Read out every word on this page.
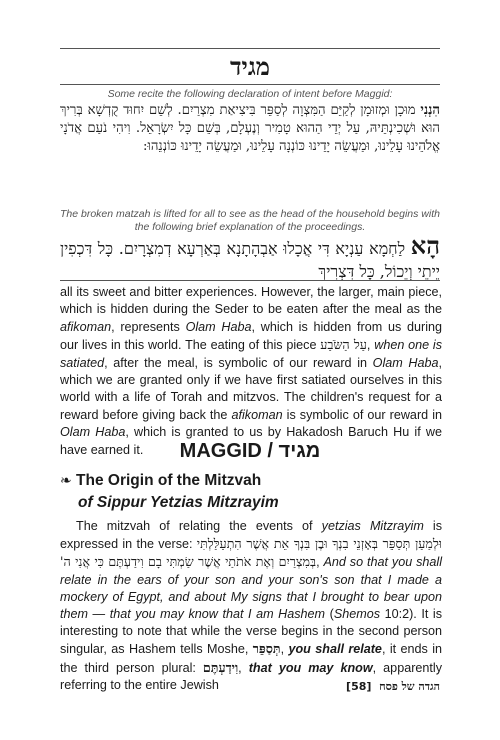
מגיד
Some recite the following declaration of intent before Maggid:
הִנְנִי מוּכָן וּמְזוּמָן לְקַיֵּם הַמִּצְוָה לְסַפֵּר בִּיצִיאַת מִצְרַיִם. לְשֵׁם יִחוּד קֻדְשָׁא בְּרִיךְ הוּא וּשְׁכִינְתֵּיהּ, עַל יְדֵי הַהוּא טָמִיר וְנֶעְלָם, בְּשֵׁם כָּל יִשְׂרָאֵל. וִיהִי נֹעַם אֲדֹנָי אֱלֹהֵינוּ עָלֵינוּ, וּמַעֲשֵׂה יָדֵינוּ כּוֹנְנָה עָלֵינוּ, וּמַעֲשֵׂה יָדֵינוּ כּוֹנְנֵהוּ:
The broken matzah is lifted for all to see as the head of the household begins with the following brief explanation of the proceedings.
הָא לַחְמָא עַנְיָא דִּי אֲכָלוּ אַבְהָתָנָא בְּאַרְעָא דְמִצְרָיִם. כָּל דִּכְפִין יֵיתֵי וְיֵכוֹל, כָּל דִּצְרִיךְ
all its sweet and bitter experiences. However, the larger, main piece, which is hidden during the Seder to be eaten after the meal as the afikoman, represents Olam Haba, which is hidden from us during our lives in this world. The eating of this piece עַל הַשֹּׂבַע, when one is satiated, after the meal, is symbolic of our reward in Olam Haba, which we are granted only if we have first satiated ourselves in this world with a life of Torah and mitzvos. The children's request for a reward before giving back the afikoman is symbolic of our reward in Olam Haba, which is granted to us by Hakadosh Baruch Hu if we have earned it.	MAGGID / מגיד
❧ The Origin of the Mitzvah
of Sippur Yetzias Mitzrayim

The mitzvah of relating the events of yetzias Mitzrayim is expressed in the verse: וּלְמַעַן תְּסַפֵּר בְּאָזְנֵי בִנְךָ וּבֶן בִּנְךָ אֵת אֲשֶׁר הִתְעַלַּלְתִּי בְּמִצְרַיִם וְאֶת אֹתֹתַי אֲשֶׁר שַׂמְתִּי בָם וִידַעְתֶּם כִּי אֲנִי ה', And so that you shall relate in the ears of your son and your son's son that I made a mockery of Egypt, and about My signs that I brought to bear upon them — that you may know that I am Hashem (Shemos 10:2). It is interesting to note that while the verse begins in the second person singular, as Hashem tells Moshe, תְּסַפֵּר, you shall relate, it ends in the third person plural: וִידַעְתֶּם, that you may know, apparently referring to the entire Jewish	הגדה של פסח  [58]
